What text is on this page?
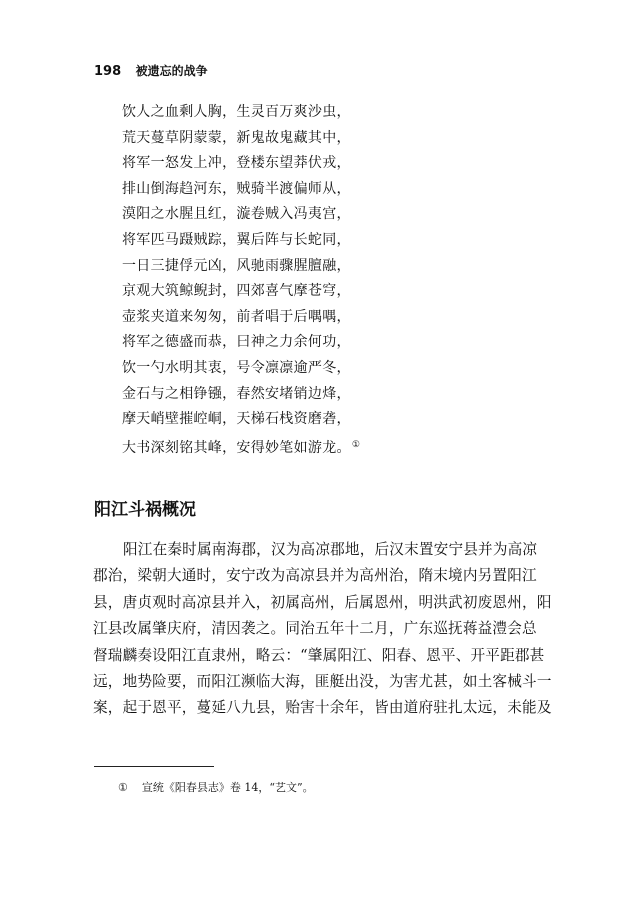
198 被遗忘的战争
饮人之血剩人胸，生灵百万爽沙虫，
荒天蔓草阴蒙蒙，新鬼故鬼藏其中，
将军一怒发上冲，登楼东望莽伏戎，
排山倒海趋河东，贼骑半渡偏师从，
漠阳之水腥且红，漩卷贼入冯夷宫，
将军匹马蹑贼踪，翼后阵与长蛇同，
一日三捷俘元凶，风驰雨骤腥膻融，
京观大筑鲸鲵封，四郊喜气摩苍穹，
壶浆夹道来匆匆，前者唱于后喁喁，
将军之德盛而恭，曰神之力余何功，
饮一勺水明其衷，号令凛凛逾严冬，
金石与之相铮镪，春然安堵销边烽，
摩天峭壁摧崆峒，天梯石栈资磨砻，
大书深刻铭其峰，安得妙笔如游龙。①
阳江斗祸概况
阳江在秦时属南海郡，汉为高凉郡地，后汉末置安宁县并为高凉
郡治，梁朝大通时，安宁改为高凉县并为高州治，隋末境内另置阳江
县，唐贞观时高凉县并入，初属高州，后属恩州，明洪武初废恩州，阳
江县改属肇庆府，清因袭之。同治五年十二月，广东巡抚蒋益澧会总
督瑞麟奏设阳江直隶州，略云：“肇属阳江、阳春、恩平、开平距郡甚
远，地势险要，而阳江濒临大海，匪艇出没，为害尤甚，如土客械斗一
案，起于恩平，蔓延八九县，贻害十余年，皆由道府驻扎太远，未能及
① 宣统《阳春县志》卷 14，“艺文”。
